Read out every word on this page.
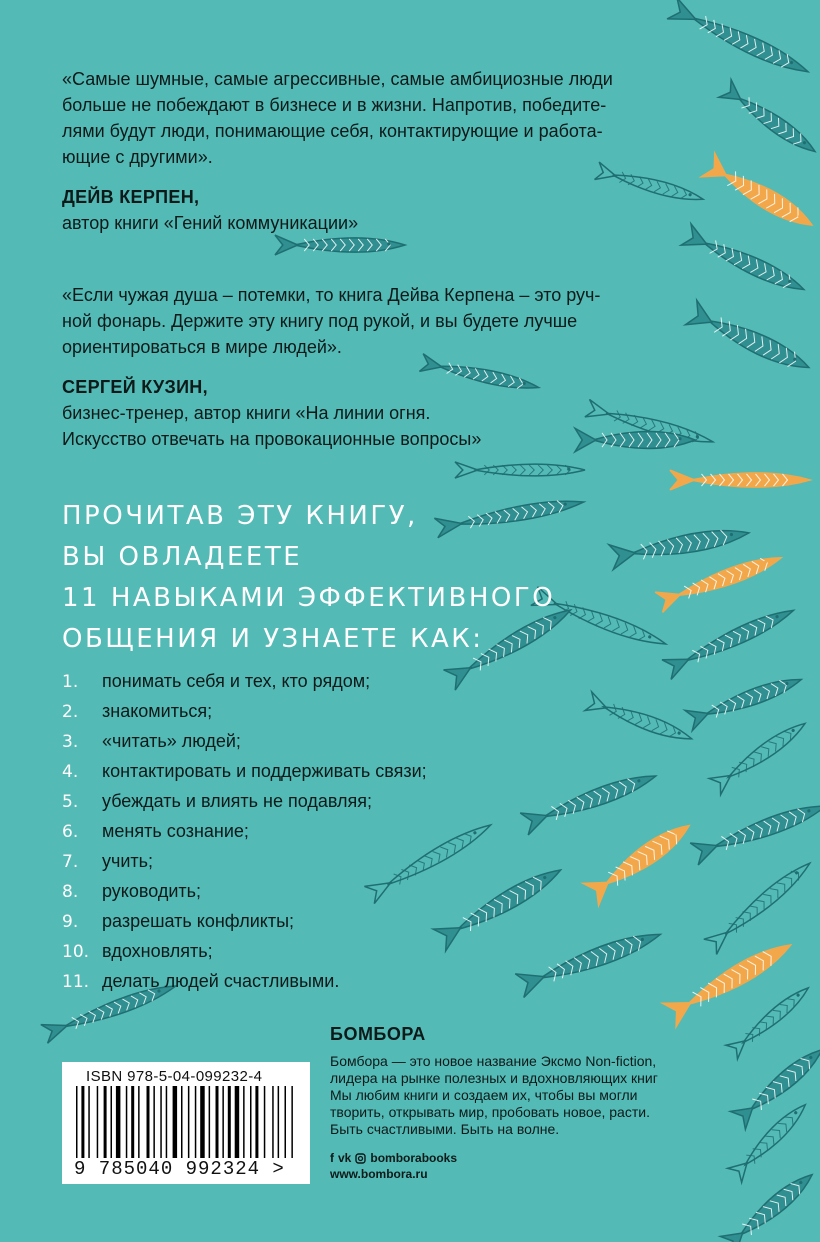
«Самые шумные, самые агрессивные, самые амбициозные люди

больше не побеждают в бизнесе и в жизни. Напротив, победите-

лями будут люди, понимающие себя, контактирующие и работа-

ющие с другими».

ДЕЙВ КЕРПЕН,

автор книги «Гений коммуникации»

«Если чужая душа – потемки, то книга Дейва Керпена – это руч-

ной фонарь. Держите эту книгу под рукой, и вы будете лучше

ориентироваться в мире людей».

СЕРГЕЙ КУЗИН,

бизнес-тренер, автор книги «На линии огня.

Искусство отвечать на провокационные вопросы»

ПРОЧИТАВ ЭТУ КНИГУ,
ВЫ ОВЛАДЕЕТЕ
11 НАВЫКАМИ ЭФФЕКТИВНОГО
ОБЩЕНИЯ И УЗНАЕТЕ КАК:
1. понимать себя и тех, кто рядом;
2. знакомиться;
3. «читать» людей;
4. контактировать и поддерживать связи;
5. убеждать и влиять не подавляя;
6. менять сознание;
7. учить;
8. руководить;
9. разрешать конфликты;
10. вдохновлять;
11. делать людей счастливыми.
ISBN 978-5-04-099232-4
9 785040 992324 >
БОМБОРА

Бомбора — это новое название Эксмо Non-fiction,
лидера на рынке полезных и вдохновляющих книг
Мы любим книги и создаем их, чтобы вы могли
творить, открывать мир, пробовать новое, расти.
Быть счастливыми. Быть на волне.

f vk bomborabooks
www.bombora.ru
